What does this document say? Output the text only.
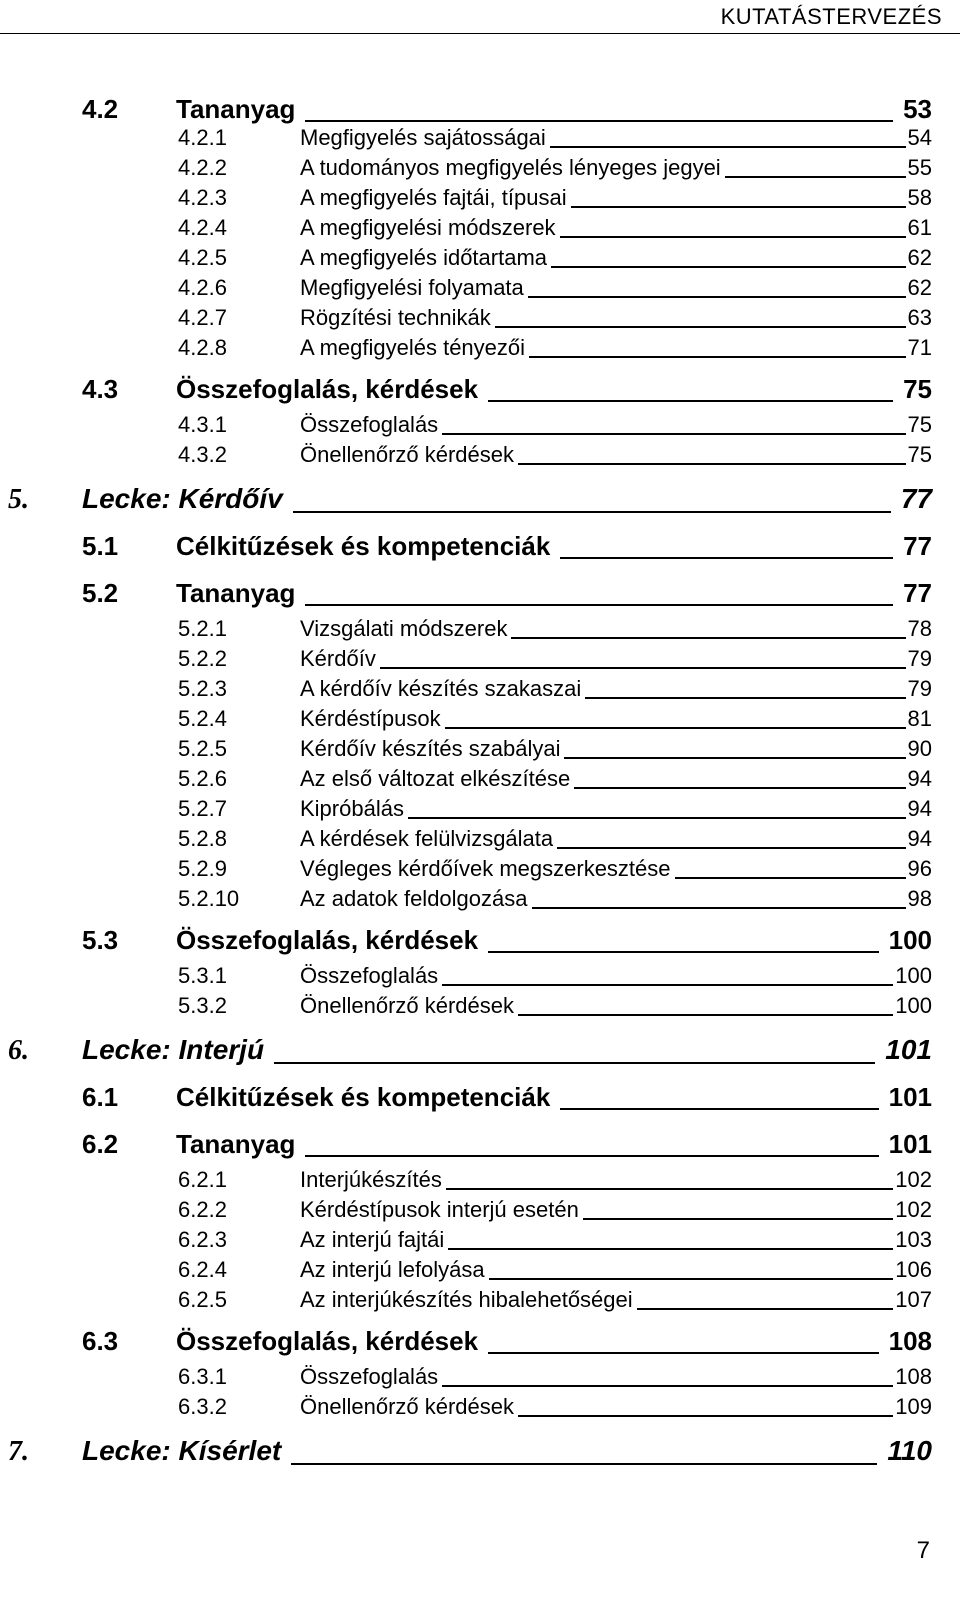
KUTATÁSTERVEZÉS
4.2 Tananyag	53
4.2.1	Megfigyelés sajátosságai	54
4.2.2	A tudományos megfigyelés lényeges jegyei	55
4.2.3	A megfigyelés fajtái, típusai	58
4.2.4	A megfigyelési módszerek	61
4.2.5	A megfigyelés időtartama	62
4.2.6	Megfigyelési folyamata	62
4.2.7	Rögzítési technikák	63
4.2.8	A megfigyelés tényezői	71
4.3 Összefoglalás, kérdések	75
4.3.1	Összefoglalás	75
4.3.2	Önellenőrző kérdések	75
5. Lecke: Kérdőív	77
5.1 Célkitűzések és kompetenciák	77
5.2 Tananyag	77
5.2.1	Vizsgálati módszerek	78
5.2.2	Kérdőív	79
5.2.3	A kérdőív készítés szakaszai	79
5.2.4	Kérdéstípusok	81
5.2.5	Kérdőív készítés szabályai	90
5.2.6	Az első változat elkészítése	94
5.2.7	Kipróbálás	94
5.2.8	A kérdések felülvizsgálata	94
5.2.9	Végleges kérdőívek megszerkesztése	96
5.2.10	Az adatok feldolgozása	98
5.3 Összefoglalás, kérdések	100
5.3.1	Összefoglalás	100
5.3.2	Önellenőrző kérdések	100
6. Lecke: Interjú	101
6.1 Célkitűzések és kompetenciák	101
6.2 Tananyag	101
6.2.1	Interjúkészítés	102
6.2.2	Kérdéstípusok interjú esetén	102
6.2.3	Az interjú fajtái	103
6.2.4	Az interjú lefolyása	106
6.2.5	Az interjúkészítés hibalehetőségei	107
6.3 Összefoglalás, kérdések	108
6.3.1	Összefoglalás	108
6.3.2	Önellenőrző kérdések	109
7. Lecke: Kísérlet	110
7
